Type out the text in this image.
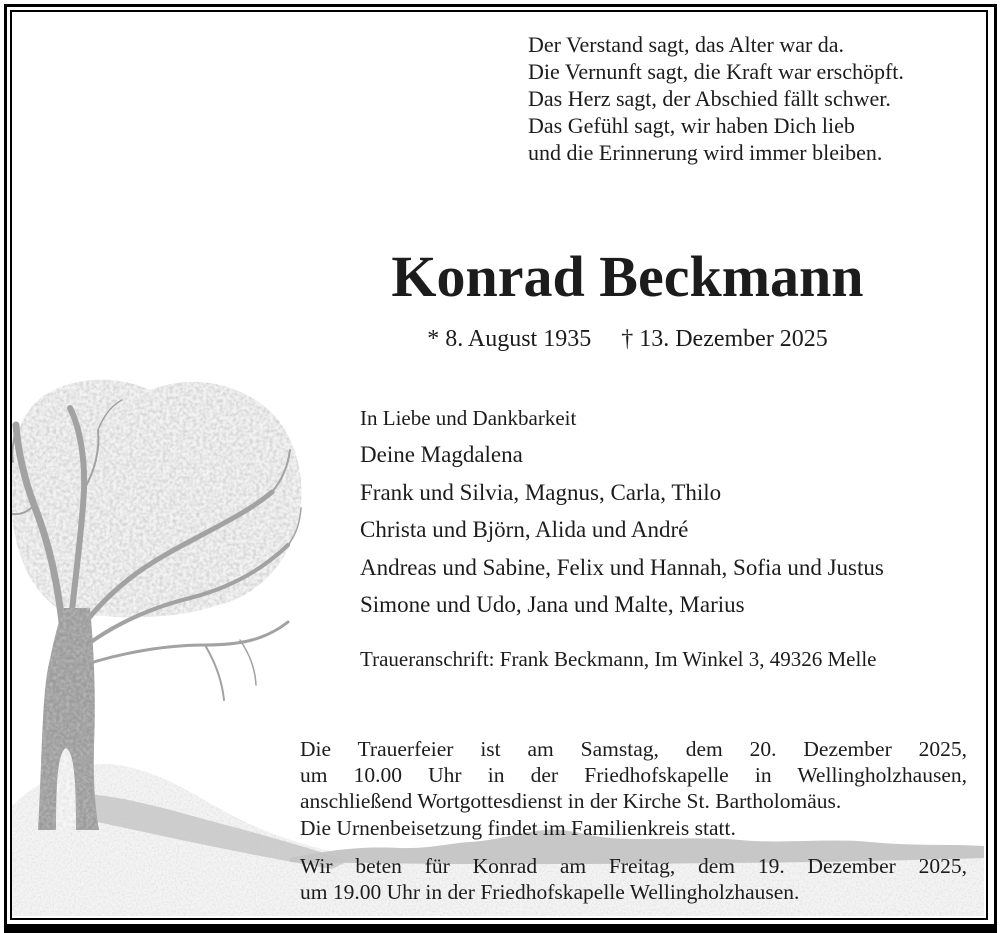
Der Verstand sagt, das Alter war da.
Die Vernunft sagt, die Kraft war erschöpft.
Das Herz sagt, der Abschied fällt schwer.
Das Gefühl sagt, wir haben Dich lieb
und die Erinnerung wird immer bleiben.
Konrad Beckmann
* 8. August 1935 † 13. Dezember 2025
In Liebe und Dankbarkeit
Deine Magdalena
Frank und Silvia, Magnus, Carla, Thilo
Christa und Björn, Alida und André
Andreas und Sabine, Felix und Hannah, Sofia und Justus
Simone und Udo, Jana und Malte, Marius
Traueranschrift: Frank Beckmann, Im Winkel 3, 49326 Melle
Die Trauerfeier ist am Samstag, dem 20. Dezember 2025,
um 10.00 Uhr in der Friedhofskapelle in Wellingholzhausen,
anschließend Wortgottesdienst in der Kirche St. Bartholomäus.
Die Urnenbeisetzung findet im Familienkreis statt.
Wir beten für Konrad am Freitag, dem 19. Dezember 2025,
um 19.00 Uhr in der Friedhofskapelle Wellingholzhausen.
